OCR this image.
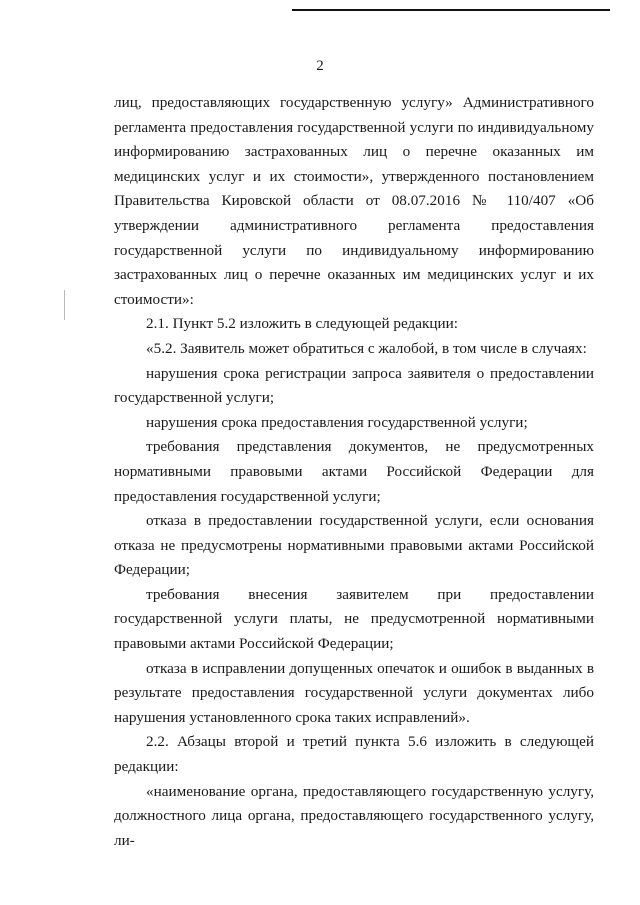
2

лиц, предоставляющих государственную услугу» Административного регламента предоставления государственной услуги по индивидуальному информированию застрахованных лиц о перечне оказанных им медицинских услуг и их стоимости», утвержденного постановлением Правительства Кировской области от 08.07.2016 № 110/407 «Об утверждении административного регламента предоставления государственной услуги по индивидуальному информированию застрахованных лиц о перечне оказанных им медицинских услуг и их стоимости»:

2.1. Пункт 5.2 изложить в следующей редакции:

«5.2. Заявитель может обратиться с жалобой, в том числе в случаях:

нарушения срока регистрации запроса заявителя о предоставлении государственной услуги;

нарушения срока предоставления государственной услуги;

требования представления документов, не предусмотренных нормативными правовыми актами Российской Федерации для предоставления государственной услуги;

отказа в предоставлении государственной услуги, если основания отказа не предусмотрены нормативными правовыми актами Российской Федерации;

требования внесения заявителем при предоставлении государственной услуги платы, не предусмотренной нормативными правовыми актами Российской Федерации;

отказа в исправлении допущенных опечаток и ошибок в выданных в результате предоставления государственной услуги документах либо нарушения установленного срока таких исправлений».

2.2. Абзацы второй и третий пункта 5.6 изложить в следующей редакции:

«наименование органа, предоставляющего государственную услугу, должностного лица органа, предоставляющего государственного услугу, ли-
